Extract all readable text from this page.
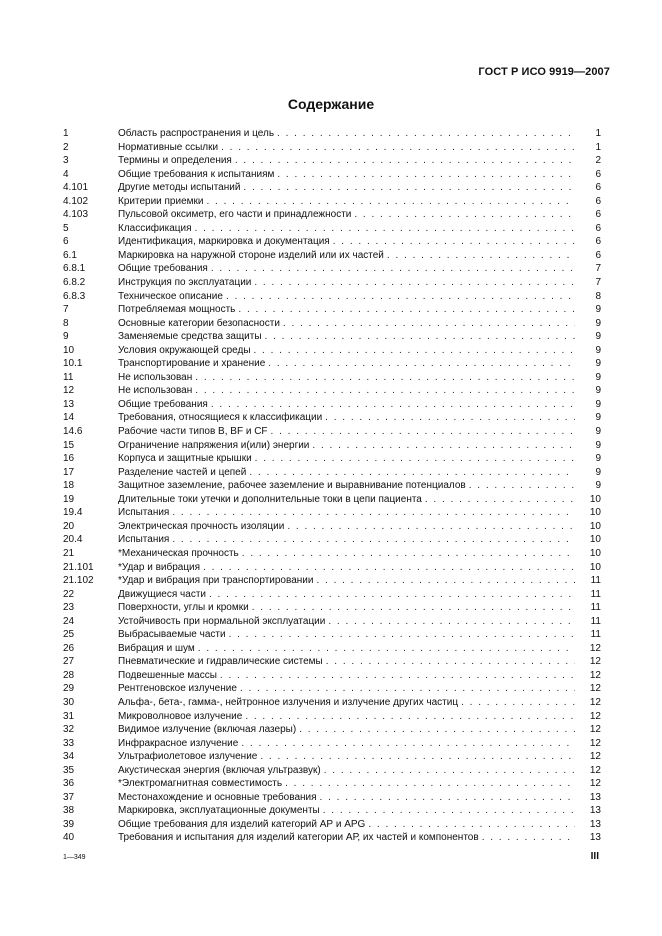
ГОСТ Р ИСО 9919—2007
Содержание
1	Область распространения и цель . . .	1
2	Нормативные ссылки . . .	1
3	Термины и определения . . .	2
4	Общие требования к испытаниям . . .	6
4.101	Другие методы испытаний . . .	6
4.102	Критерии приемки . . .	6
4.103	Пульсовой оксиметр, его части и принадлежности . . .	6
5	Классификация . . .	6
6	Идентификация, маркировка и документация . . .	6
6.1	Маркировка на наружной стороне изделий или их частей . . .	6
6.8.1	Общие требования . . .	7
6.8.2	Инструкция по эксплуатации . . .	7
6.8.3	Техническое описание . . .	8
7	Потребляемая мощность . . .	9
8	Основные категории безопасности . . .	9
9	Заменяемые средства защиты . . .	9
10	Условия окружающей среды . . .	9
10.1	Транспортирование и хранение . . .	9
11	Не использован . . .	9
12	Не использован . . .	9
13	Общие требования . . .	9
14	Требования, относящиеся к классификации . . .	9
14.6	Рабочие части типов В, BF и CF . . .	9
15	Ограничение напряжения и(или) энергии . . .	9
16	Корпуса и защитные крышки . . .	9
17	Разделение частей и цепей . . .	9
18	Защитное заземление, рабочее заземление и выравнивание потенциалов . . .	9
19	Длительные токи утечки и дополнительные токи в цепи пациента . . .	10
19.4	Испытания . . .	10
20	Электрическая прочность изоляции . . .	10
20.4	Испытания . . .	10
21	*Механическая прочность . . .	10
21.101 *Удар и вибрация . . .	10
21.102 *Удар и вибрация при транспортировании . . .	11
22	Движущиеся части . . .	11
23	Поверхности, углы и кромки . . .	11
24	Устойчивость при нормальной эксплуатации . . .	11
25	Выбрасываемые части . . .	11
26	Вибрация и шум . . .	12
27	Пневматические и гидравлические системы . . .	12
28	Подвешенные массы . . .	12
29	Рентгеновское излучение . . .	12
30	Альфа-, бета-, гамма-, нейтронное излучения и излучение других частиц . . .	12
31	Микроволновое излучение . . .	12
32	Видимое излучение (включая лазеры) . . .	12
33	Инфракрасное излучение . . .	12
34	Ультрафиолетовое излучение . . .	12
35	Акустическая энергия (включая ультразвук) . . .	12
36	*Электромагнитная совместимость . . .	12
37	Местонахождение и основные требования . . .	13
38	Маркировка, эксплуатационные документы . . .	13
39	Общие требования для изделий категорий АР и APG . . .	13
40	Требования и испытания для изделий категории АР, их частей и компонентов . . .	13
1—349	III
